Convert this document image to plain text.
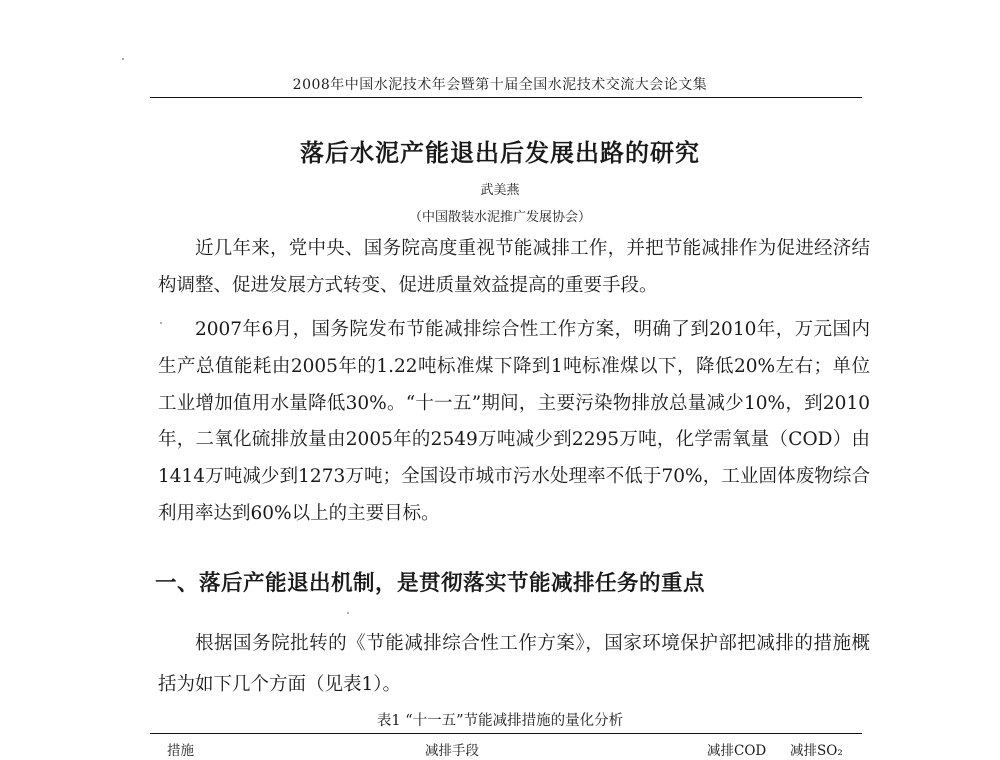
2008年中国水泥技术年会暨第十届全国水泥技术交流大会论文集
落后水泥产能退出后发展出路的研究
武美燕
（中国散装水泥推广发展协会）

近几年来，党中央、国务院高度重视节能减排工作，并把节能减排作为促进经济结构调整、促进发展方式转变、促进质量效益提高的重要手段。

2007年6月，国务院发布节能减排综合性工作方案，明确了到2010年，万元国内生产总值能耗由2005年的1.22吨标准煤下降到1吨标准煤以下，降低20%左右；单位工业增加值用水量降低30%。“十一五”期间，主要污染物排放总量减少10%，到2010年，二氧化硫排放量由2005年的2549万吨减少到2295万吨，化学需氧量（COD）由1414万吨减少到1273万吨；全国设市城市污水处理率不低于70%，工业固体废物综合利用率达到60%以上的主要目标。

一、落后产能退出机制，是贯彻落实节能减排任务的重点

根据国务院批转的《节能减排综合性工作方案》，国家环境保护部把减排的措施概括为如下几个方面（见表1）。

表1 “十一五”节能减排措施的量化分析
措施	减排手段	减排COD 减排SO₂
